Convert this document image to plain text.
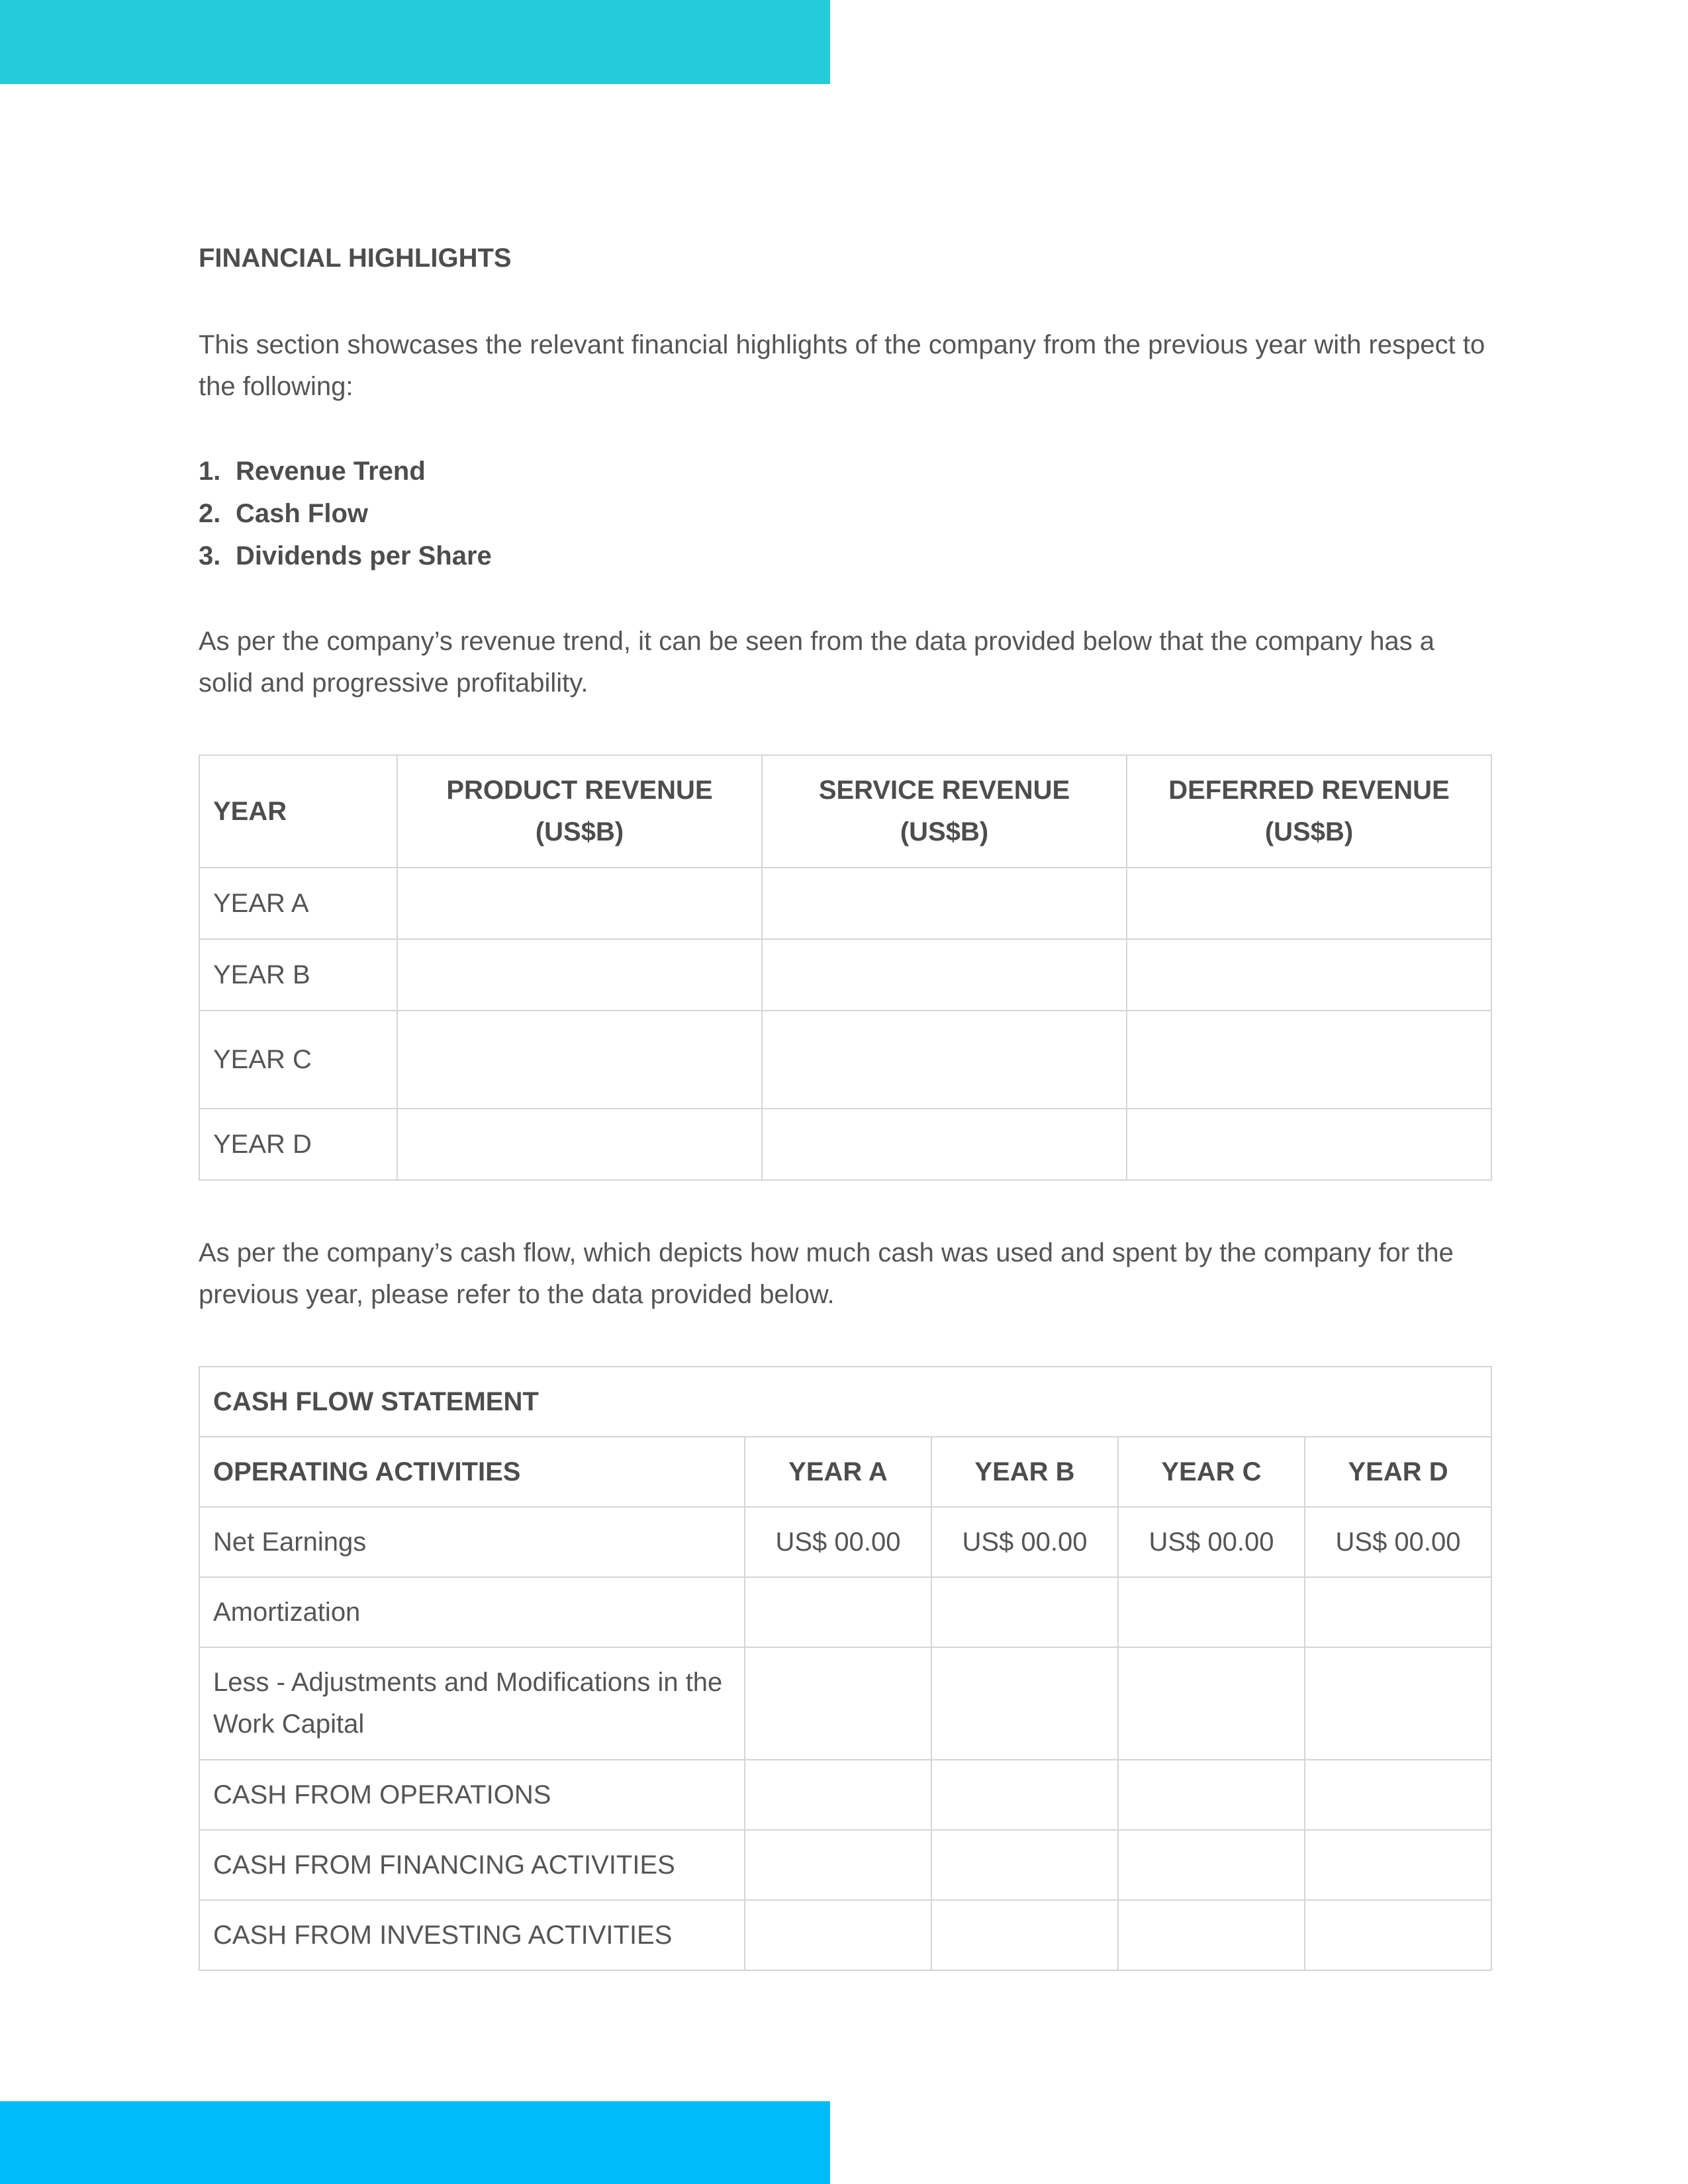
FINANCIAL HIGHLIGHTS

This section showcases the relevant financial highlights of the company from the previous year with respect to the following:

1. Revenue Trend
2. Cash Flow
3. Dividends per Share

As per the company’s revenue trend, it can be seen from the data provided below that the company has a solid and progressive profitability.

YEAR	PRODUCT REVENUE (US$B)	SERVICE REVENUE (US$B)	DEFERRED REVENUE (US$B)
YEAR A			
YEAR B			
YEAR C			
YEAR D			

As per the company’s cash flow, which depicts how much cash was used and spent by the company for the previous year, please refer to the data provided below.

CASH FLOW STATEMENT				
OPERATING ACTIVITIES	YEAR A	YEAR B	YEAR C	YEAR D
Net Earnings	US$ 00.00	US$ 00.00	US$ 00.00	US$ 00.00
Amortization				
Less - Adjustments and Modifications in the Work Capital				
CASH FROM OPERATIONS				
CASH FROM FINANCING ACTIVITIES				
CASH FROM INVESTING ACTIVITIES				
